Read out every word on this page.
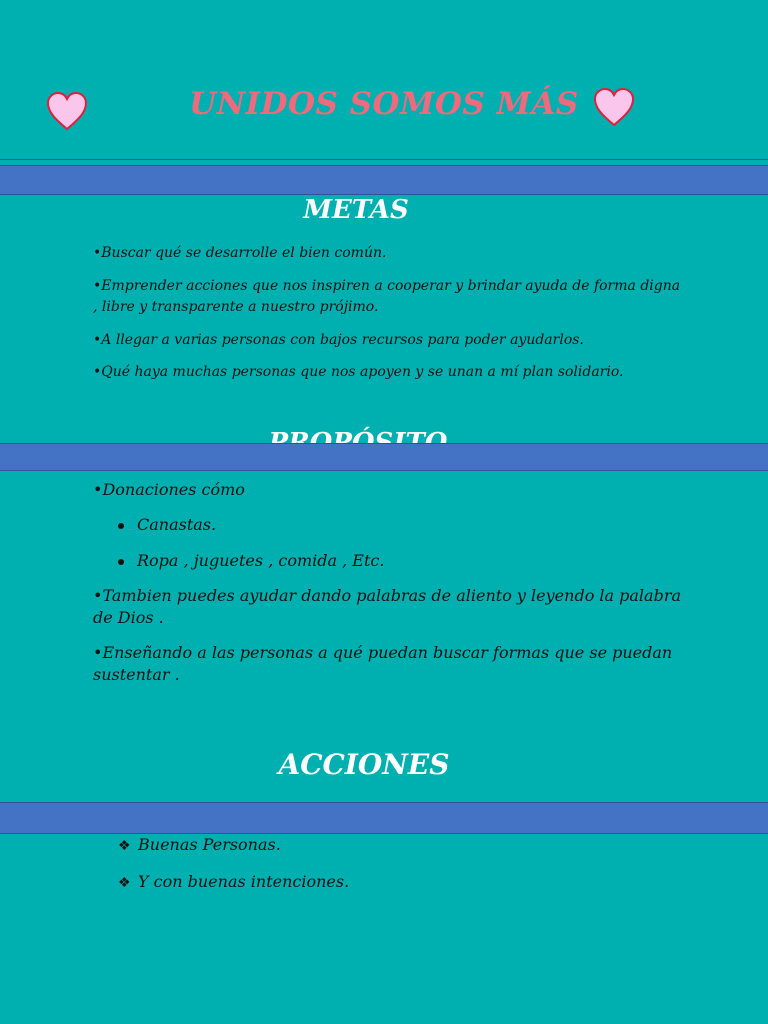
UNIDOS SOMOS MÁS
METAS
•Buscar qué se desarrolle el bien común.
•Emprender acciones que nos inspiren a cooperar y brindar ayuda de forma digna , libre y transparente a nuestro prójimo.
•A llegar a varias personas con bajos recursos para poder ayudarlos.
•Qué haya muchas personas que nos apoyen y se unan a mí plan solidario.
•Donaciones cómo
Canastas.
Ropa , juguetes , comida , Etc.
•Tambien puedes ayudar dando palabras de aliento y leyendo la palabra de Dios .
•Enseñando a las personas a qué puedan buscar formas que se puedan sustentar .
ACCIONES
❖ Buenas Personas.
❖ Y con buenas intenciones.
